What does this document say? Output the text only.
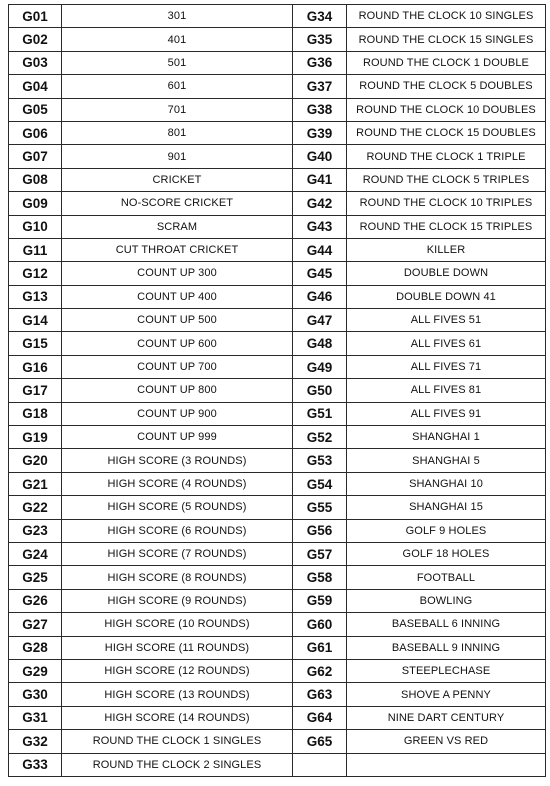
G01	301	G34	ROUND THE CLOCK 10 SINGLES
G02	401	G35	ROUND THE CLOCK 15 SINGLES
G03	501	G36	ROUND THE CLOCK 1 DOUBLE
G04	601	G37	ROUND THE CLOCK 5 DOUBLES
G05	701	G38	ROUND THE CLOCK 10 DOUBLES
G06	801	G39	ROUND THE CLOCK 15 DOUBLES
G07	901	G40	ROUND THE CLOCK 1 TRIPLE
G08	CRICKET	G41	ROUND THE CLOCK 5 TRIPLES
G09	NO-SCORE CRICKET	G42	ROUND THE CLOCK 10 TRIPLES
G10	SCRAM	G43	ROUND THE CLOCK 15 TRIPLES
G11	CUT THROAT CRICKET	G44	KILLER
G12	COUNT UP 300	G45	DOUBLE DOWN
G13	COUNT UP 400	G46	DOUBLE DOWN 41
G14	COUNT UP 500	G47	ALL FIVES 51
G15	COUNT UP 600	G48	ALL FIVES 61
G16	COUNT UP 700	G49	ALL FIVES 71
G17	COUNT UP 800	G50	ALL FIVES 81
G18	COUNT UP 900	G51	ALL FIVES 91
G19	COUNT UP 999	G52	SHANGHAI 1
G20	HIGH SCORE (3 ROUNDS)	G53	SHANGHAI 5
G21	HIGH SCORE (4 ROUNDS)	G54	SHANGHAI 10
G22	HIGH SCORE (5 ROUNDS)	G55	SHANGHAI 15
G23	HIGH SCORE (6 ROUNDS)	G56	GOLF 9 HOLES
G24	HIGH SCORE (7 ROUNDS)	G57	GOLF 18 HOLES
G25	HIGH SCORE (8 ROUNDS)	G58	FOOTBALL
G26	HIGH SCORE (9 ROUNDS)	G59	BOWLING
G27	HIGH SCORE (10 ROUNDS)	G60	BASEBALL 6 INNING
G28	HIGH SCORE (11 ROUNDS)	G61	BASEBALL 9 INNING
G29	HIGH SCORE (12 ROUNDS)	G62	STEEPLECHASE
G30	HIGH SCORE (13 ROUNDS)	G63	SHOVE A PENNY
G31	HIGH SCORE (14 ROUNDS)	G64	NINE DART CENTURY
G32	ROUND THE CLOCK 1 SINGLES	G65	GREEN VS RED
G33	ROUND THE CLOCK 2 SINGLES		
